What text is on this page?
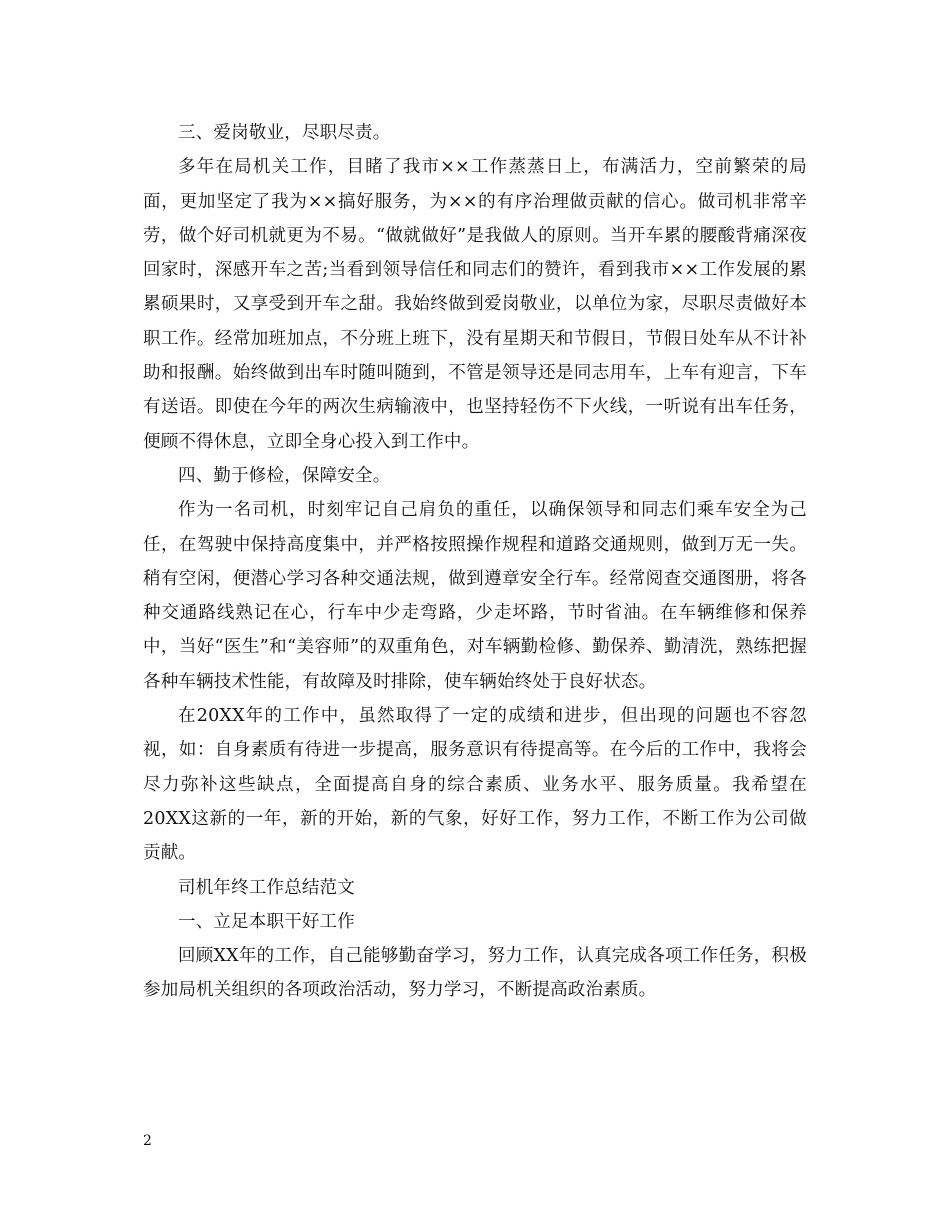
三、爱岗敬业，尽职尽责。

多年在局机关工作，目睹了我市××工作蒸蒸日上，布满活力，空前繁荣的局面，更加坚定了我为××搞好服务，为××的有序治理做贡献的信心。做司机非常辛劳，做个好司机就更为不易。“做就做好”是我做人的原则。当开车累的腰酸背痛深夜回家时，深感开车之苦;当看到领导信任和同志们的赞许，看到我市××工作发展的累累硕果时，又享受到开车之甜。我始终做到爱岗敬业，以单位为家，尽职尽责做好本职工作。经常加班加点，不分班上班下，没有星期天和节假日，节假日处车从不计补助和报酬。始终做到出车时随叫随到，不管是领导还是同志用车，上车有迎言，下车有送语。即使在今年的两次生病输液中，也坚持轻伤不下火线，一听说有出车任务，便顾不得休息，立即全身心投入到工作中。

四、勤于修检，保障安全。

作为一名司机，时刻牢记自己肩负的重任，以确保领导和同志们乘车安全为己任，在驾驶中保持高度集中，并严格按照操作规程和道路交通规则，做到万无一失。稍有空闲，便潜心学习各种交通法规，做到遵章安全行车。经常阅查交通图册，将各种交通路线熟记在心，行车中少走弯路，少走坏路，节时省油。在车辆维修和保养中，当好“医生”和“美容师”的双重角色，对车辆勤检修、勤保养、勤清洗，熟练把握各种车辆技术性能，有故障及时排除，使车辆始终处于良好状态。

在20XX年的工作中，虽然取得了一定的成绩和进步，但出现的问题也不容忽视，如：自身素质有待进一步提高，服务意识有待提高等。在今后的工作中，我将会尽力弥补这些缺点，全面提高自身的综合素质、业务水平、服务质量。我希望在20XX这新的一年，新的开始，新的气象，好好工作，努力工作，不断工作为公司做贡献。

司机年终工作总结范文

一、立足本职干好工作

回顾XX年的工作，自己能够勤奋学习，努力工作，认真完成各项工作任务，积极参加局机关组织的各项政治活动，努力学习，不断提高政治素质。

2
